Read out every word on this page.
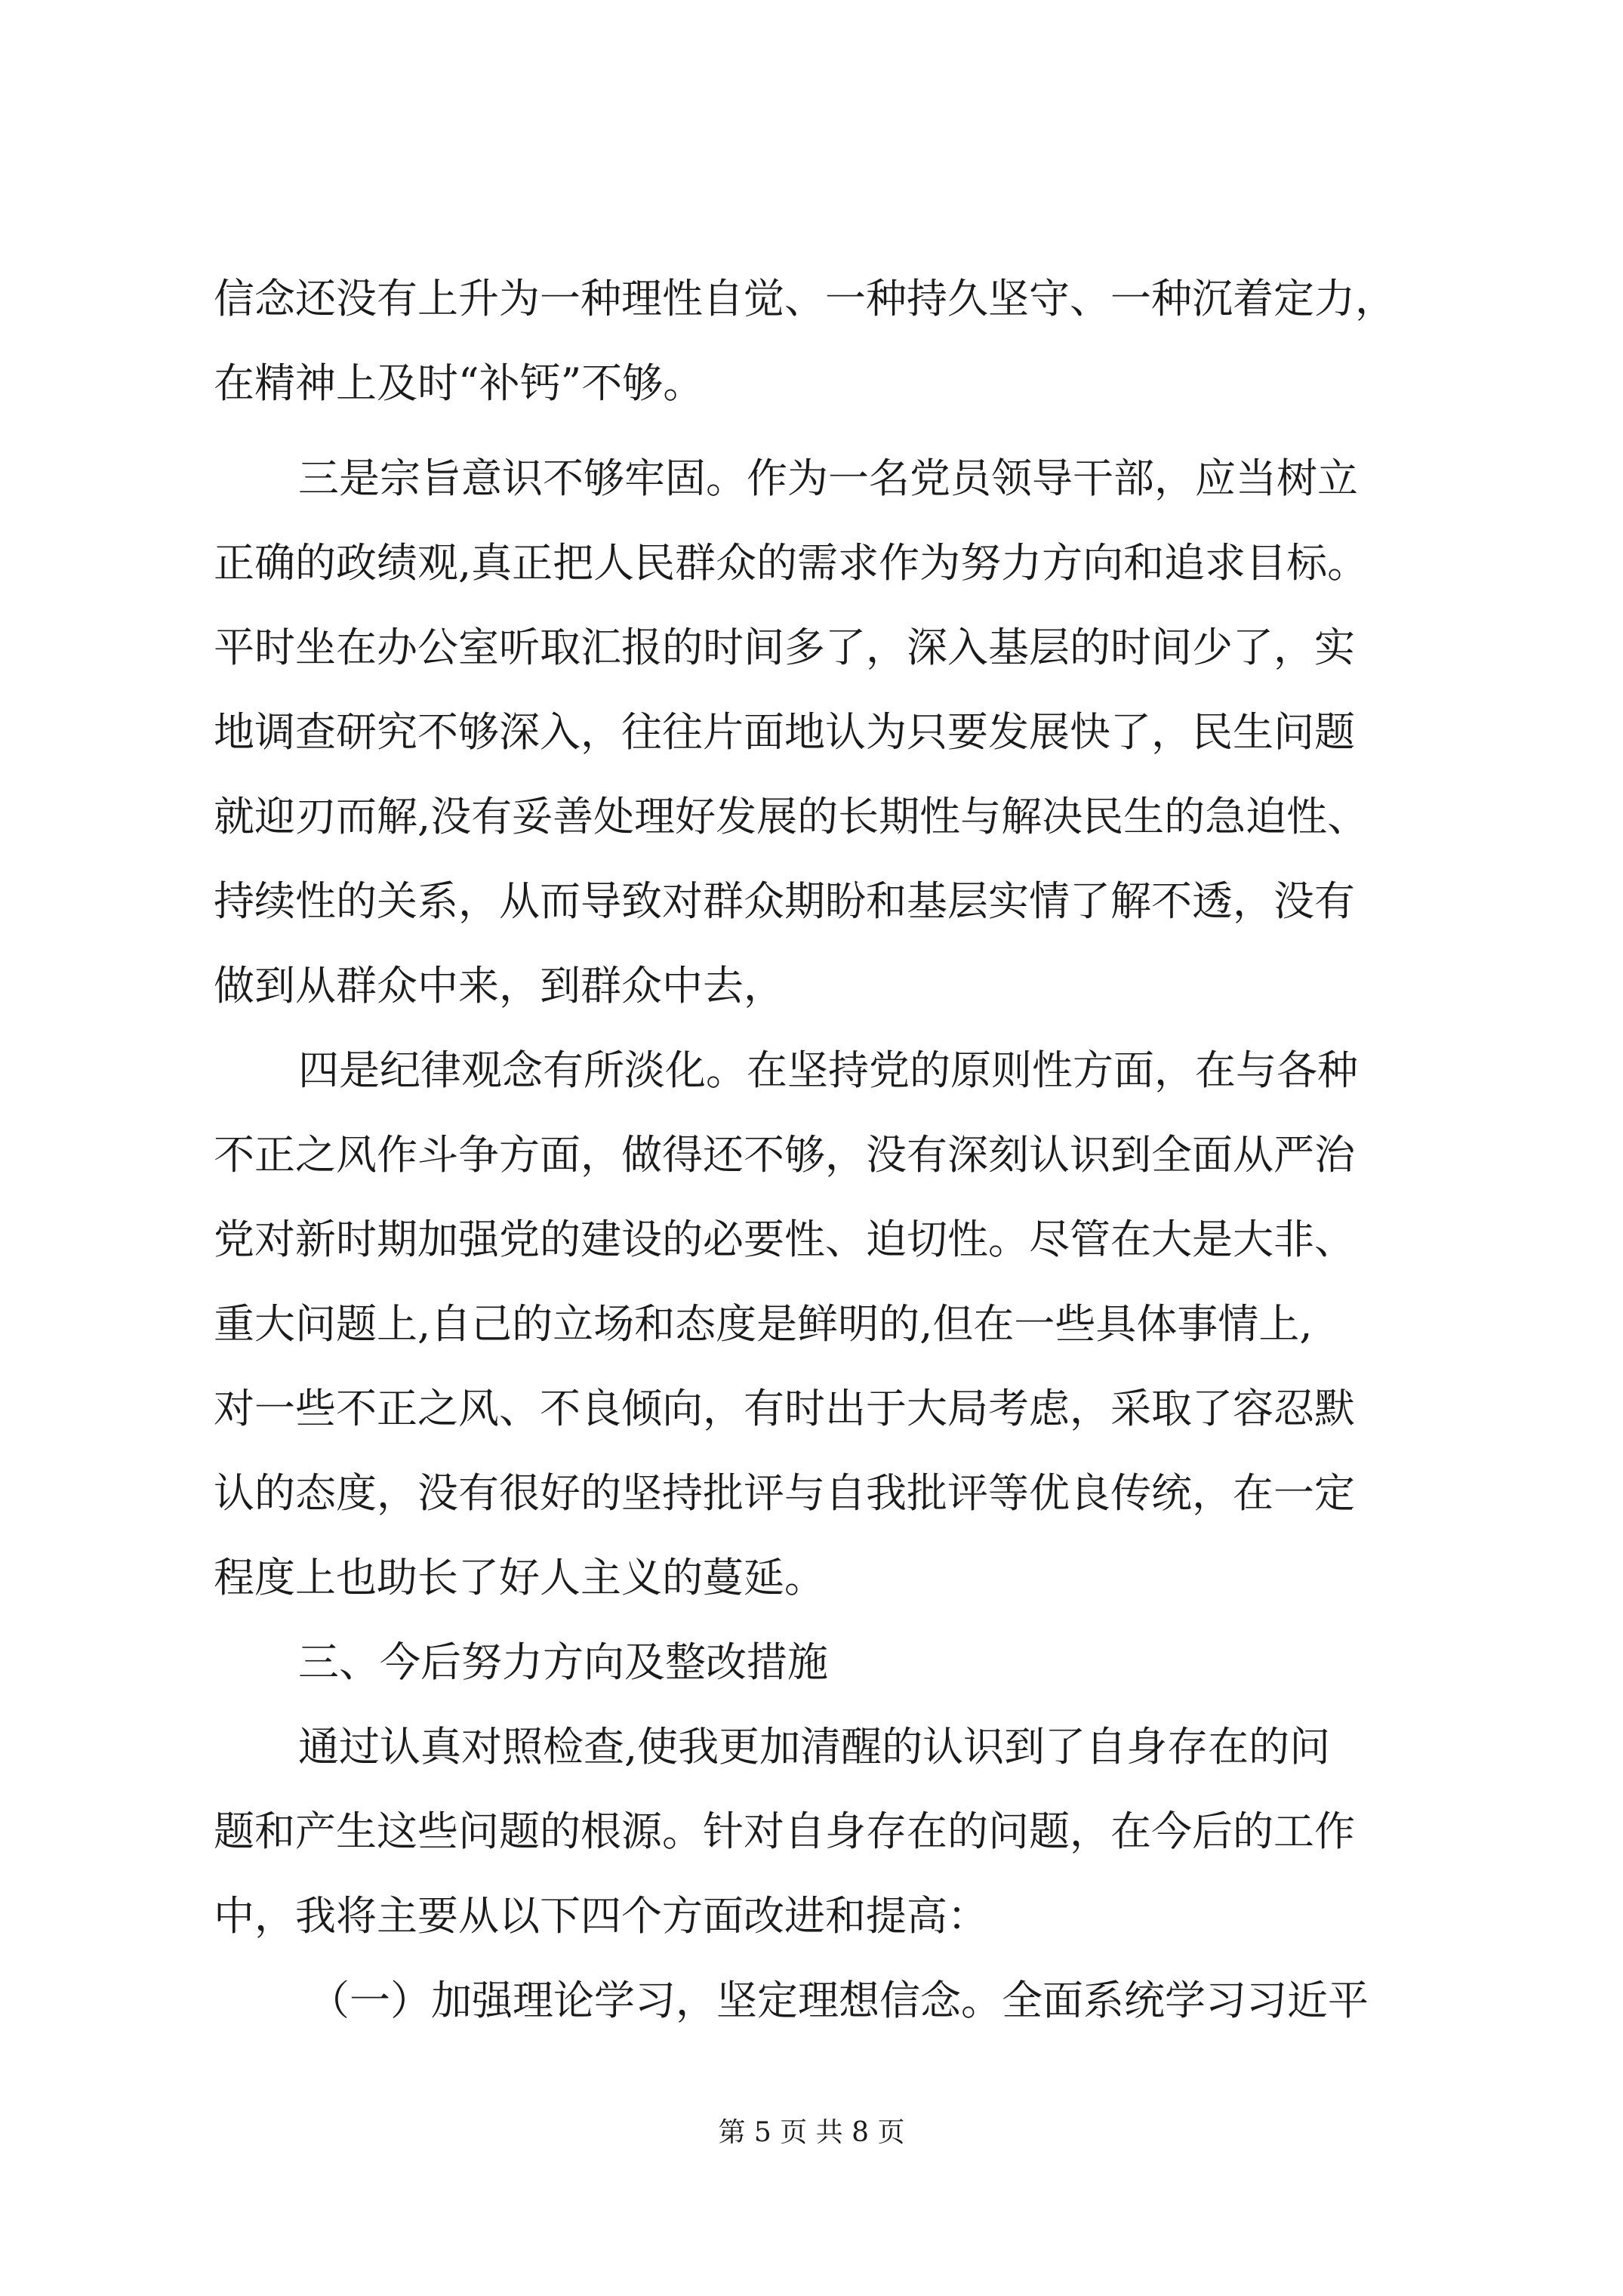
信念还没有上升为一种理性自觉、一种持久坚守、一种沉着定力，
在精神上及时“补钙”不够。
三是宗旨意识不够牢固。作为一名党员领导干部，应当树立
正确的政绩观,真正把人民群众的需求作为努力方向和追求目标。
平时坐在办公室听取汇报的时间多了，深入基层的时间少了，实
地调查研究不够深入，往往片面地认为只要发展快了，民生问题
就迎刃而解,没有妥善处理好发展的长期性与解决民生的急迫性、
持续性的关系，从而导致对群众期盼和基层实情了解不透，没有
做到从群众中来，到群众中去，
四是纪律观念有所淡化。在坚持党的原则性方面，在与各种
不正之风作斗争方面，做得还不够，没有深刻认识到全面从严治
党对新时期加强党的建设的必要性、迫切性。尽管在大是大非、
重大问题上,自己的立场和态度是鲜明的,但在一些具体事情上,
对一些不正之风、不良倾向，有时出于大局考虑，采取了容忍默
认的态度，没有很好的坚持批评与自我批评等优良传统，在一定
程度上也助长了好人主义的蔓延。
三、今后努力方向及整改措施
通过认真对照检查,使我更加清醒的认识到了自身存在的问
题和产生这些问题的根源。针对自身存在的问题，在今后的工作
中，我将主要从以下四个方面改进和提高：
（一）加强理论学习，坚定理想信念。全面系统学习习近平
第 5 页 共 8 页
